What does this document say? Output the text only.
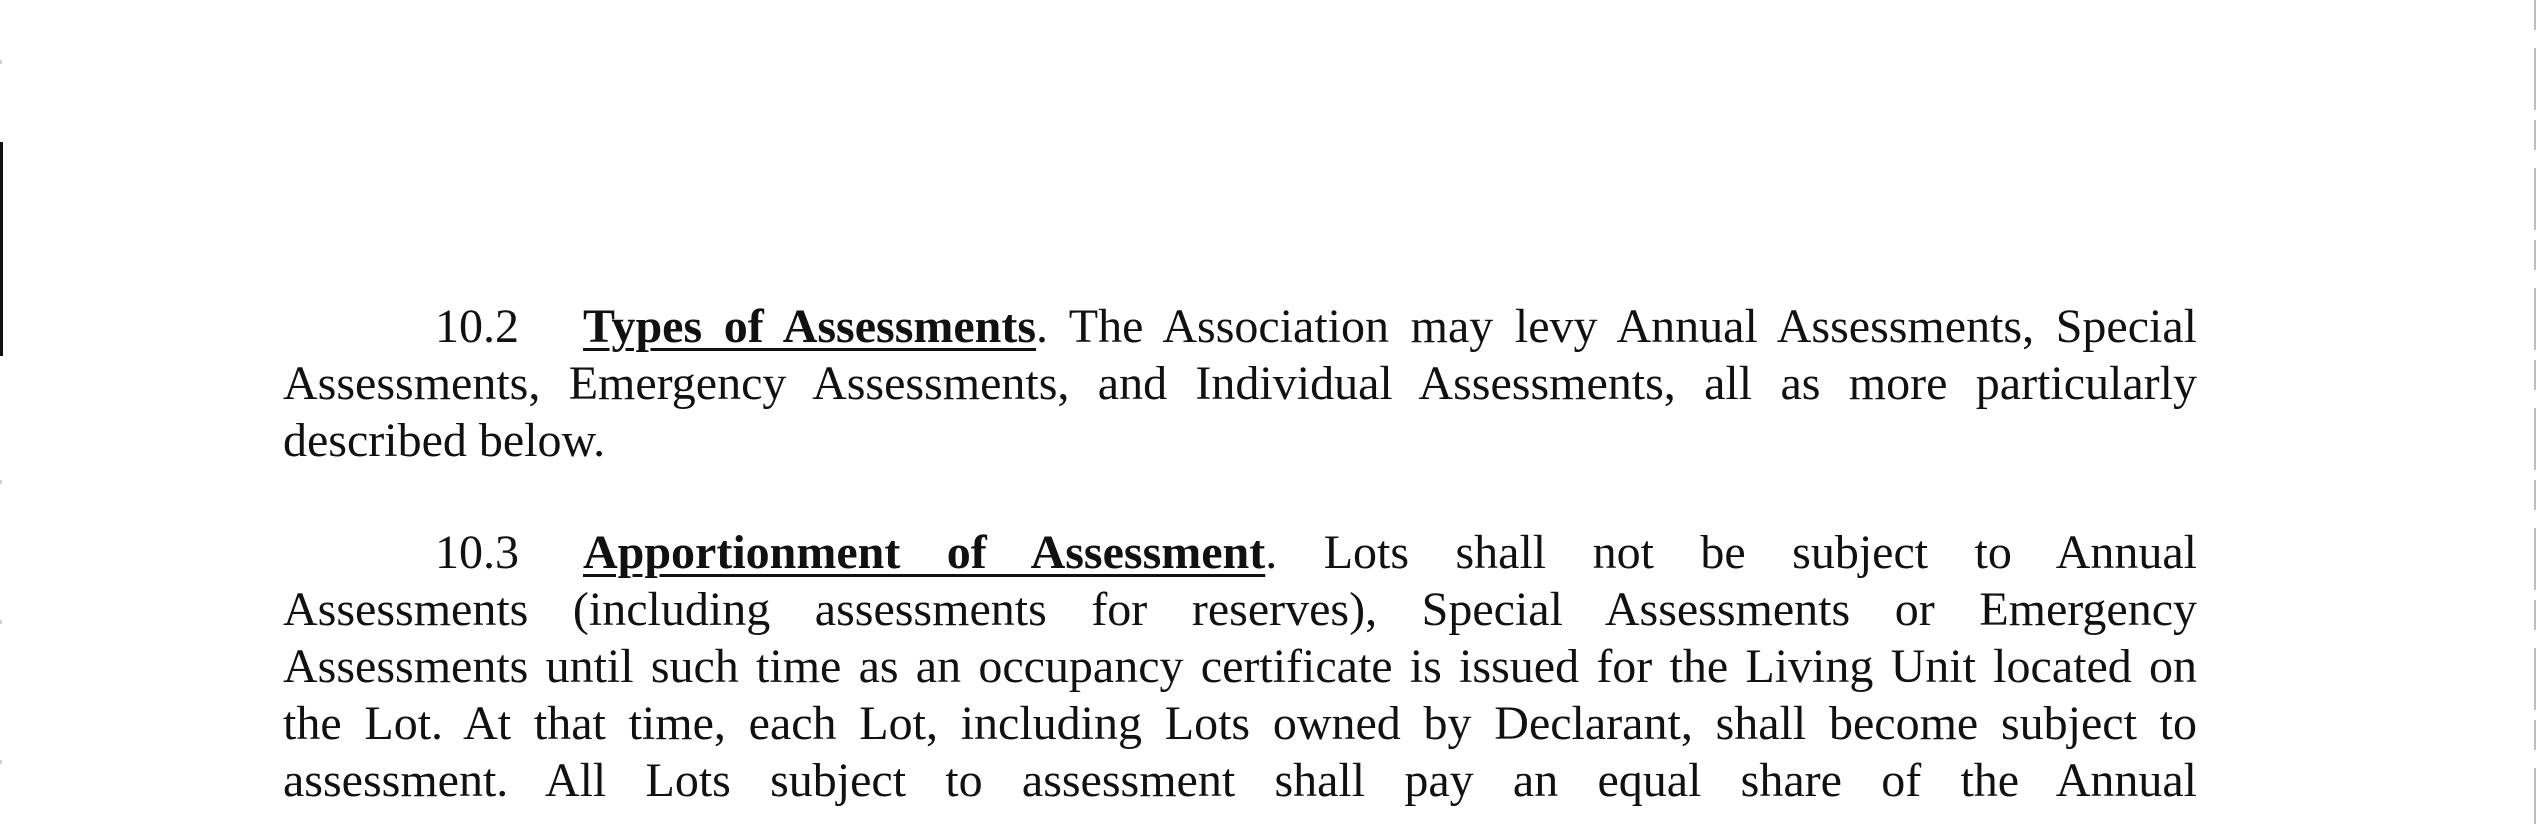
10.2 Types of Assessments. The Association may levy Annual Assessments, Special
Assessments, Emergency Assessments, and Individual Assessments, all as more particularly
described below.
10.3 Apportionment of Assessment. Lots shall not be subject to Annual
Assessments (including assessments for reserves), Special Assessments or Emergency
Assessments until such time as an occupancy certificate is issued for the Living Unit located on
the Lot. At that time, each Lot, including Lots owned by Declarant, shall become subject to
assessment. All Lots subject to assessment shall pay an equal share of the Annual
